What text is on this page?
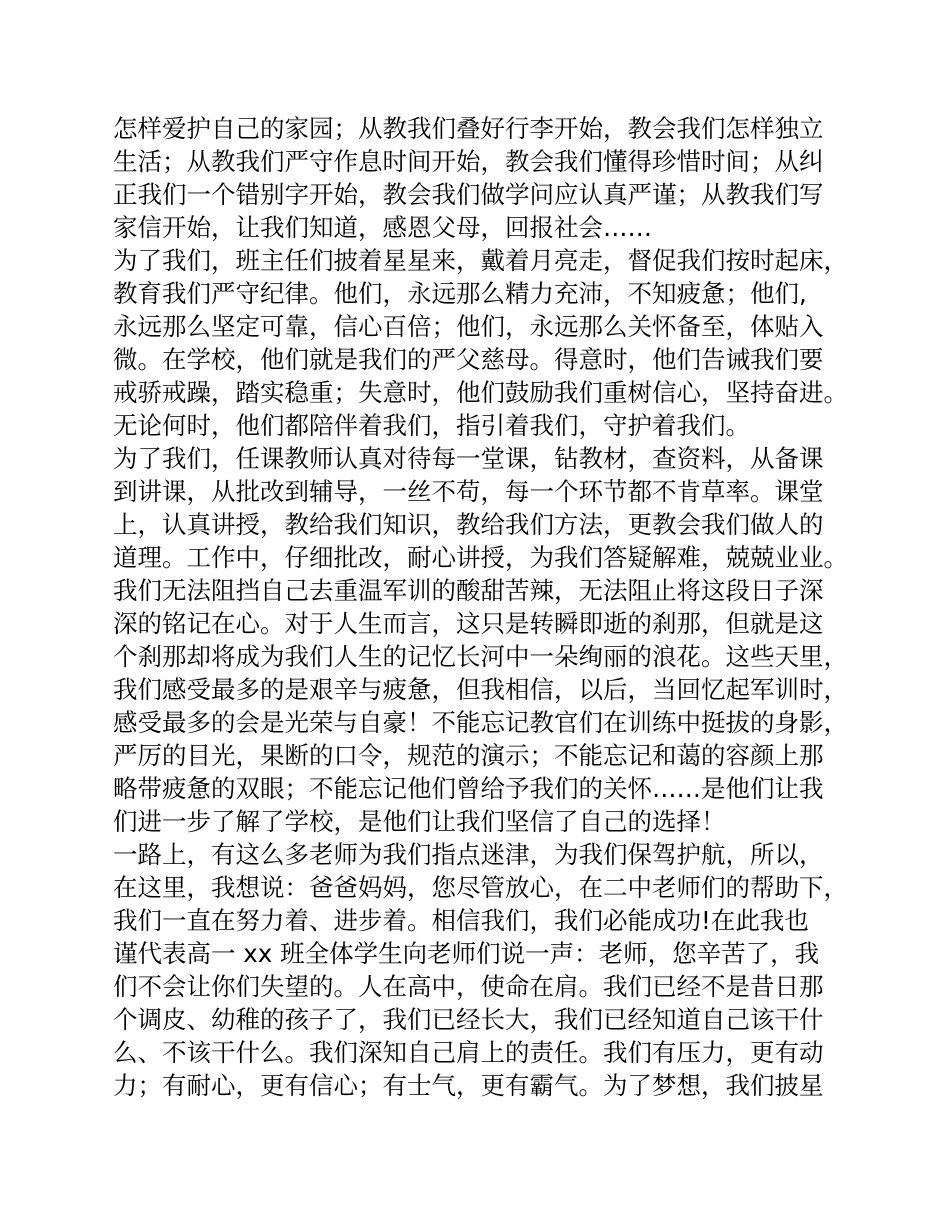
怎样爱护自己的家园；从教我们叠好行李开始，教会我们怎样独立
生活；从教我们严守作息时间开始，教会我们懂得珍惜时间；从纠
正我们一个错别字开始，教会我们做学问应认真严谨；从教我们写
家信开始，让我们知道，感恩父母，回报社会……
为了我们，班主任们披着星星来，戴着月亮走，督促我们按时起床，
教育我们严守纪律。他们，永远那么精力充沛，不知疲惫；他们,
永远那么坚定可靠，信心百倍；他们，永远那么关怀备至，体贴入
微。在学校，他们就是我们的严父慈母。得意时，他们告诫我们要
戒骄戒躁，踏实稳重；失意时，他们鼓励我们重树信心，坚持奋进。
无论何时，他们都陪伴着我们，指引着我们，守护着我们。
为了我们，任课教师认真对待每一堂课，钻教材，查资料，从备课
到讲课，从批改到辅导，一丝不苟，每一个环节都不肯草率。课堂
上，认真讲授，教给我们知识，教给我们方法，更教会我们做人的
道理。工作中，仔细批改，耐心讲授，为我们答疑解难，兢兢业业。
我们无法阻挡自己去重温军训的酸甜苦辣，无法阻止将这段日子深
深的铭记在心。对于人生而言，这只是转瞬即逝的刹那，但就是这
个刹那却将成为我们人生的记忆长河中一朵绚丽的浪花。这些天里，
我们感受最多的是艰辛与疲惫，但我相信，以后，当回忆起军训时，
感受最多的会是光荣与自豪！不能忘记教官们在训练中挺拔的身影，
严厉的目光，果断的口令，规范的演示；不能忘记和蔼的容颜上那
略带疲惫的双眼；不能忘记他们曾给予我们的关怀……是他们让我
们进一步了解了学校，是他们让我们坚信了自己的选择！
一路上，有这么多老师为我们指点迷津，为我们保驾护航，所以，
在这里，我想说：爸爸妈妈，您尽管放心，在二中老师们的帮助下，
我们一直在努力着、进步着。相信我们，我们必能成功!在此我也
谨代表高一 xx 班全体学生向老师们说一声：老师，您辛苦了，我
们不会让你们失望的。人在高中，使命在肩。我们已经不是昔日那
个调皮、幼稚的孩子了，我们已经长大，我们已经知道自己该干什
么、不该干什么。我们深知自己肩上的责任。我们有压力，更有动
力；有耐心，更有信心；有士气，更有霸气。为了梦想，我们披星
